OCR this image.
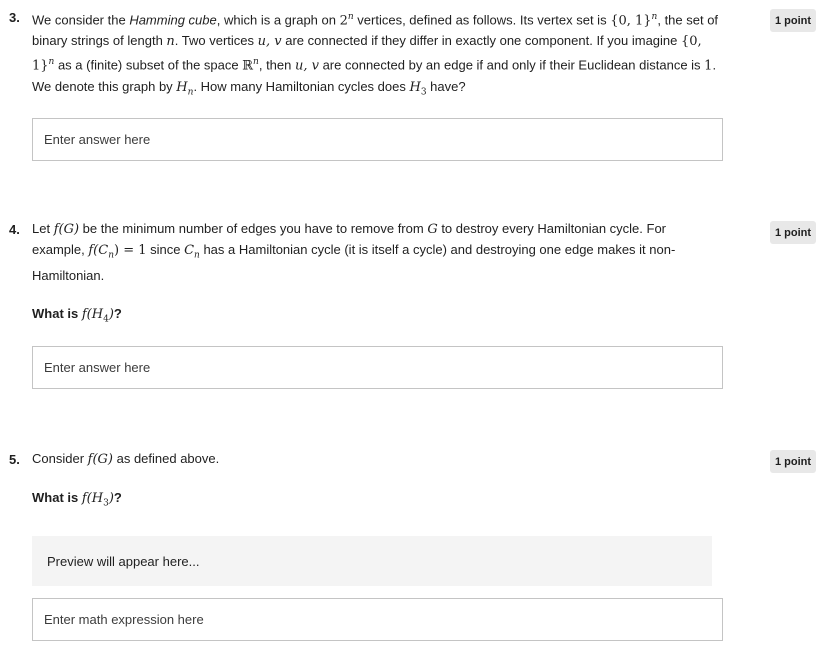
3. We consider the Hamming cube, which is a graph on 2$^n$ vertices, defined as follows. Its vertex set is {0, 1}$^n$, the set of binary strings of length n. Two vertices u, v are connected if they differ in exactly one component. If you imagine {0, 1}$^n$ as a (finite) subset of the space ℝ$^n$, then u, v are connected by an edge if and only if their Euclidean distance is 1. We denote this graph by $H_n$. How many Hamiltonian cycles does $H_3$ have?

1 point
Enter answer here
4. Let f(G) be the minimum number of edges you have to remove from G to destroy every Hamiltonian cycle. For example, $f(C_n) = 1$ since $C_n$ has a Hamiltonian cycle (it is itself a cycle) and destroying one edge makes it non-Hamiltonian.

What is $f(H_4)$?

1 point
Enter answer here
5. Consider f(G) as defined above.

What is $f(H_3)$?

1 point
Preview will appear here...
Enter math expression here
